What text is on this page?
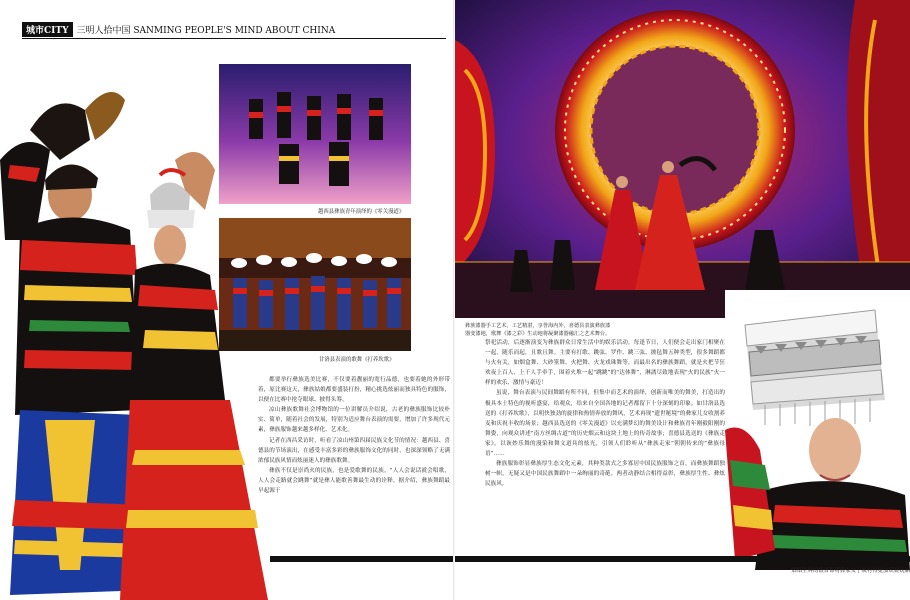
城市CITY 三明人拾中国 SANMING PEOPLE'S MIND ABOUT CHINA
越西县彝族青年演绎的《零关漫道》
甘洛县表演的歌舞《打养坎歌》

都要举行彝族选美比赛，不仅要着靓丽的宽行品德，也要着她的外形带着，原比赛这天，彝族姑娘都要盛装打扮，精心挑选炫丽而独具特色的服饰，以便在比赛中抢夺眼球、披得头筹。

凉山彝族歌舞社会博物馆的一位讲解员介绍说，古老的彝族服饰比较朴实、简单，随着社会的发展，特别为适应舞台表演的需要，增加了许多现代元素，彝族服饰越来越多样化、艺术化。

记者在西昌采访时，听看了凉山州第四届民族文化节的情况：越西县、喜德县的节场演出，在感受丰富多彩的彝族服饰文化的同时，也深深领略了无满浓郁民族风情而炫丽迷人的彝族歌舞。

彝族不仅是崇尚火的民族，也是爱歌舞的民族。“人人会说话就会唱歌，人人会走路就会跳舞”就是彝人能歌善舞最生动的诠释。据介绍，彝族舞蹈最早起源于

彝族漆器手工艺术，工艺精湛，享誉海内外，喜德县表演彝族漆器变漆地，歌舞《漆之彩》生动地将凝聚漆器融汇之艺术舞台。

祭祀活动，后逐渐演变为彝族群众日常生活中的娱乐活动。每逢节日，人们便会走出家门相聚在一起，随乐而起，且歌且舞。主要有打歌、跳弦、罗作、跳三弦、披毡舞五种类型，很多舞蹈都与火有关，如烟盒舞、大砂筮舞、火把舞、火龙戏珠舞等。而最出名的彝族舞蹈，就是火把节狂欢夜上百人、上千人手牵手，围着火堆一起“跳跳”的“达体舞”，淋漓尽致地表现“火的民族”火一样的欢乐、激情与豪迈！

虽说，舞台表演与民间舞蹈有所不同，但集中而艺术的演绎，创新而唯美的舞美，打造出的极具本土特色的视听盛宴，给观众，给来自全国各地的记者都留下十分深刻的印象。如甘洛县选送的《打养坎歌》，以明快独劲的旋律和热情奔放的舞风，艺术再现“遗世秘境”的彝家儿女收割养麦和庆祝丰收的场景；越西县选送的《零关漫道》以充满梦幻的舞美设计和彝族青年刚毅阳刚的舞姿，向观众讲述“南方丝绸古道”的历史烟云和这块土地上的传奇故事；喜德县选送的《彝族走家》，以诙妙乐舞的漫染和舞文道具的炫光，引领人们聆听从“彝族走家”朝朝传来的“彝族母语”……

彝族服饰彰显彝族厚生态文化元素，其种类款式之多寡居中国民族服饰之首，而彝族舞蹈独树一帜，无疑又是中国民族舞蹈中一朵绚丽的奇葩。两者动静结合相得益彰，彝族厚生性、彝炫民族风。

熠熠生辉的银首饰将彝家女子映衬得更加妖娆妩媚
